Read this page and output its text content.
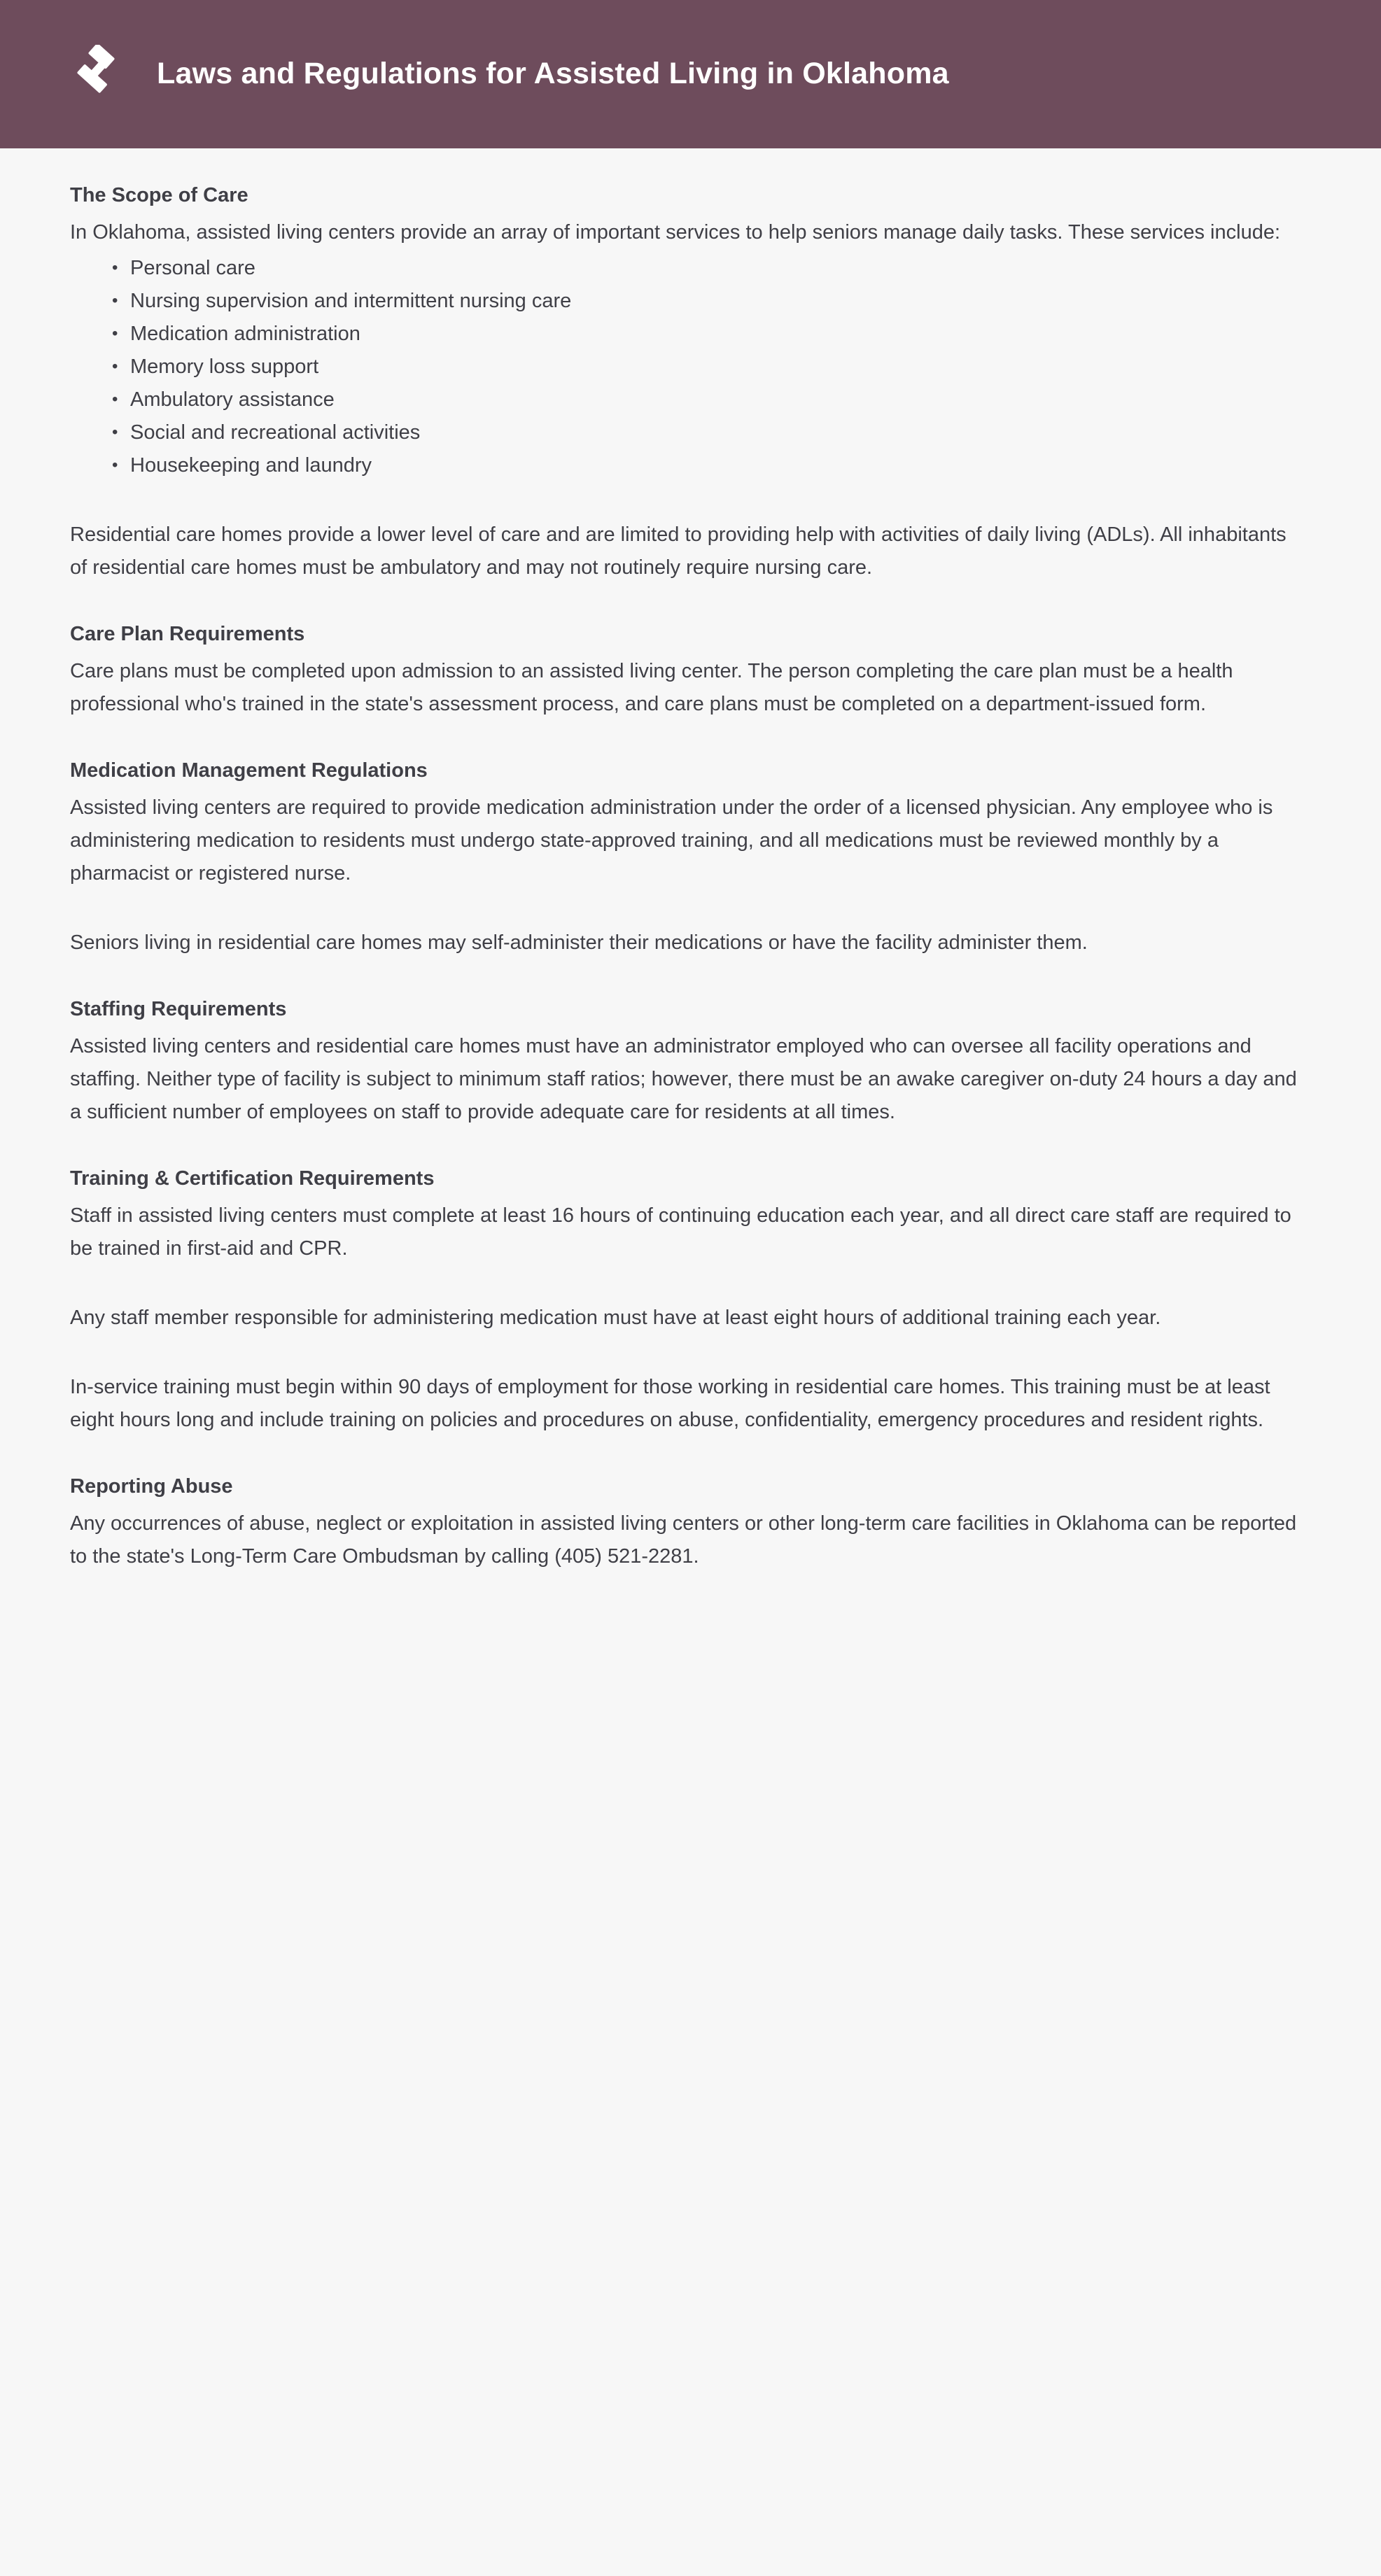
Laws and Regulations for Assisted Living in Oklahoma
The Scope of Care

In Oklahoma, assisted living centers provide an array of important services to help seniors manage daily tasks. These services include:

• Personal care
• Nursing supervision and intermittent nursing care
• Medication administration
• Memory loss support
• Ambulatory assistance
• Social and recreational activities
• Housekeeping and laundry

Residential care homes provide a lower level of care and are limited to providing help with activities of daily living (ADLs). All inhabitants of residential care homes must be ambulatory and may not routinely require nursing care.

Care Plan Requirements

Care plans must be completed upon admission to an assisted living center. The person completing the care plan must be a health professional who's trained in the state's assessment process, and care plans must be completed on a department-issued form.

Medication Management Regulations

Assisted living centers are required to provide medication administration under the order of a licensed physician. Any employee who is administering medication to residents must undergo state-approved training, and all medications must be reviewed monthly by a pharmacist or registered nurse.

Seniors living in residential care homes may self-administer their medications or have the facility administer them.

Staffing Requirements

Assisted living centers and residential care homes must have an administrator employed who can oversee all facility operations and staffing. Neither type of facility is subject to minimum staff ratios; however, there must be an awake caregiver on-duty 24 hours a day and a sufficient number of employees on staff to provide adequate care for residents at all times.

Training & Certification Requirements

Staff in assisted living centers must complete at least 16 hours of continuing education each year, and all direct care staff are required to be trained in first-aid and CPR.

Any staff member responsible for administering medication must have at least eight hours of additional training each year.

In-service training must begin within 90 days of employment for those working in residential care homes. This training must be at least eight hours long and include training on policies and procedures on abuse, confidentiality, emergency procedures and resident rights.

Reporting Abuse

Any occurrences of abuse, neglect or exploitation in assisted living centers or other long-term care facilities in Oklahoma can be reported to the state's Long-Term Care Ombudsman by calling (405) 521-2281.
